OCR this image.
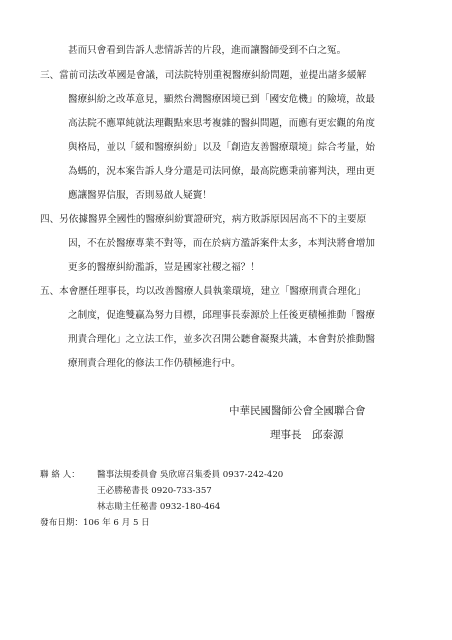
甚而只會看到告訴人悲情訴苦的片段，進而讓醫師受到不白之冤。
三、當前司法改革國是會議，司法院特別重視醫療糾紛問題，並提出諸多緩解
醫療糾紛之改革意見，顯然台灣醫療困境已到「國安危機」的險境，故最
高法院不應單純就法理觀點來思考複雜的醫糾問題，而應有更宏觀的角度
與格局，並以「緩和醫療糾紛」以及「創造友善醫療環境」綜合考量，始
為螞的，況本案告訴人身分還是司法同僚，最高院應秉前審判決，理由更
應讓醫界信服，否則易啟人疑竇！
四、另依據醫界全國性的醫療糾紛實證研究，病方敗訴原因居高不下的主要原
因，不在於醫療專業不對等，而在於病方濫訴案件太多，本判決將會增加
更多的醫療糾紛濫訴，豈是國家社稷之福？！
五、本會歷任理事長，均以改善醫療人員執業環境，建立「醫療刑責合理化」
之制度，促進雙贏為努力目標，邱理事長泰源於上任後更積極推動「醫療
刑責合理化」之立法工作，並多次召開公聽會凝聚共識，本會對於推動醫
療刑責合理化的修法工作仍積極進行中。
中華民國醫師公會全國聯合會
理事長　邱泰源
聯 絡 人： 醫事法規委員會 吳欣席召集委員 0937-242-420
王必勝秘書長 0920-733-357
林志勛主任秘書 0932-180-464
發布日期：106 年 6 月 5 日
